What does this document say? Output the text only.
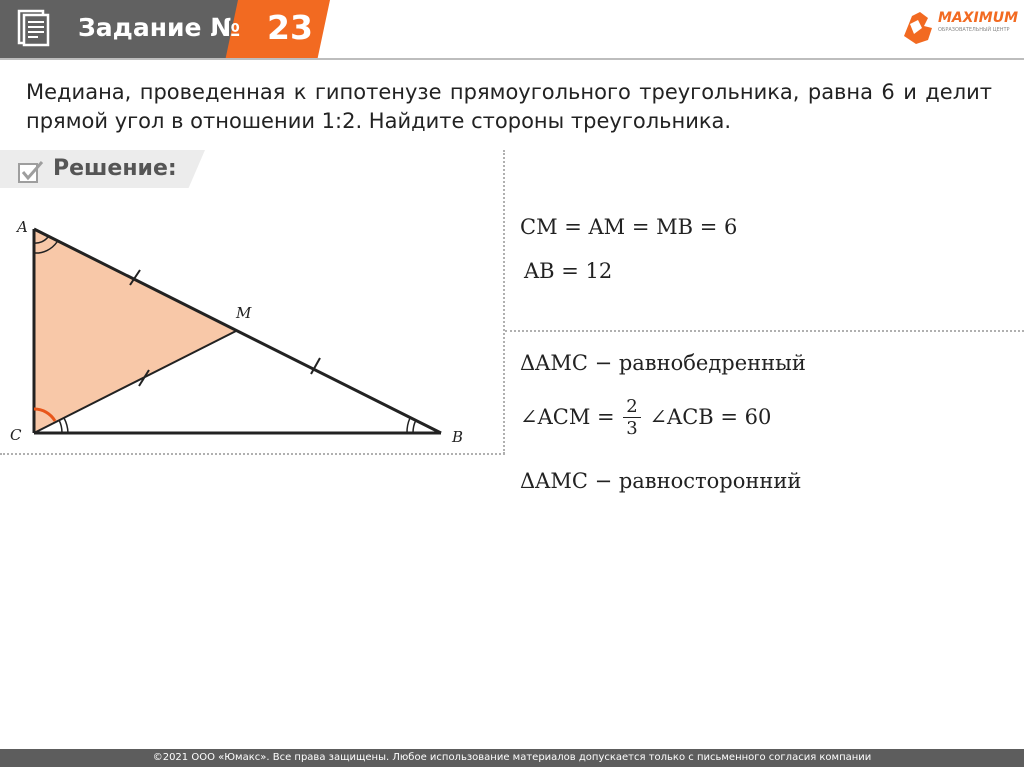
Задание № 23	MAXIMUM
ОБРАЗОВАТЕЛЬНЫЙ ЦЕНТР
Медиана, проведенная к гипотенузе прямоугольного треугольника, равна 6 и делит прямой угол в отношении 1:2. Найдите стороны треугольника.
Решение:
A
M
C	B
CM = AM = MB = 6
AB = 12
ΔAMC − равнобедренный
∠ACM = $\frac{2}{3}$ ∠ACB = 60
ΔAMC − равносторонний
©2021 ООО «Юмакс». Все права защищены. Любое использование материалов допускается только с письменного согласия компании
